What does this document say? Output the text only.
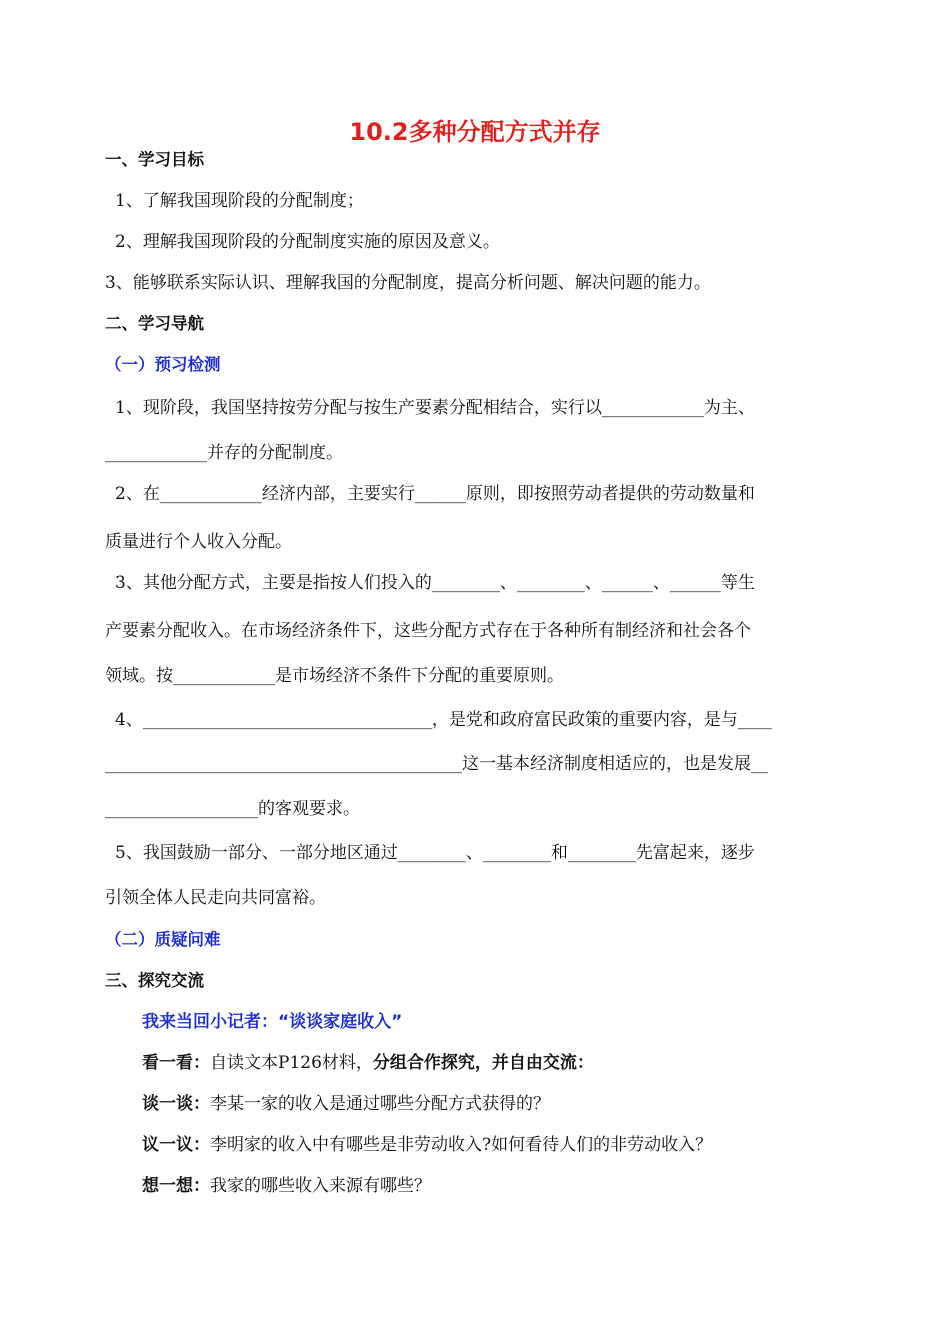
10.2多种分配方式并存
一、学习目标
1、了解我国现阶段的分配制度；
2、理解我国现阶段的分配制度实施的原因及意义。
3、能够联系实际认识、理解我国的分配制度，提高分析问题、解决问题的能力。
二、学习导航
（一）预习检测
1、现阶段，我国坚持按劳分配与按生产要素分配相结合，实行以____________为主、
____________并存的分配制度。
2、在____________经济内部，主要实行______原则，即按照劳动者提供的劳动数量和
质量进行个人收入分配。
3、其他分配方式，主要是指按人们投入的________、________、______、______等生
产要素分配收入。在市场经济条件下，这些分配方式存在于各种所有制经济和社会各个
领域。按____________是市场经济不条件下分配的重要原则。
4、__________________________________，是党和政府富民政策的重要内容，是与____
__________________________________________这一基本经济制度相适应的，也是发展__
__________________的客观要求。
5、我国鼓励一部分、一部分地区通过________、________和________先富起来，逐步
引领全体人民走向共同富裕。
（二）质疑问难
三、探究交流
我来当回小记者：“谈谈家庭收入”
看一看：自读文本P126材料，分组合作探究，并自由交流：
谈一谈：李某一家的收入是通过哪些分配方式获得的？
议一议：李明家的收入中有哪些是非劳动收入?如何看待人们的非劳动收入？
想一想：我家的哪些收入来源有哪些？
